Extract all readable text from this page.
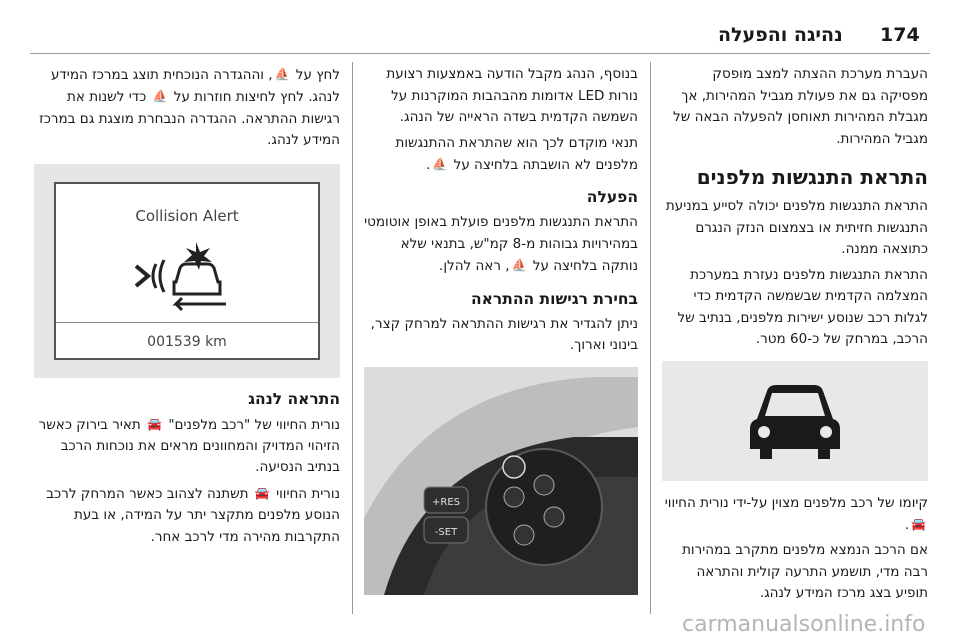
נהיגה והפעלה 174

העברת מערכת ההצתה למצב מופסק מפסיקה גם את פעולת מגביל המהירות, אך מגבלת המהירות תאוחסן להפעלה הבאה של מגביל המהירות.

התראת התנגשות מלפנים

התראת התנגשות מלפנים יכולה לסייע במניעת התנגשות חזיתית או בצמצום הנזק הנגרם כתוצאה ממנה.

התראת התנגשות מלפנים נעזרת במערכת המצלמה הקדמית שבשמשה הקדמית כדי לגלות רכב שנוסע ישירות מלפנים, בנתיב של הרכב, במרחק של כ-60 מטר.

קיומו של רכב מלפנים מצוין על-ידי נורית החיווי 🚘.

אם הרכב הנמצא מלפנים מתקרב במהירות רבה מדי, תושמע התרעה קולית והתראה תופיע בצג מרכז המידע לנהג.

בנוסף, הנהג מקבל הודעה באמצעות רצועת נורות LED אדומות מהבהבות המוקרנות על השמשה הקדמית בשדה הראייה של הנהג.

תנאי מוקדם לכך הוא שהתראת ההתנגשות מלפנים לא הושבתה בלחיצה על ⛵.

הפעלה

התראת התנגשות מלפנים פועלת באופן אוטומטי במהירויות גבוהות מ-8 קמ"ש, בתנאי שלא נותקה בלחיצה על ⛵, ראה להלן.

בחירת רגישות ההתראה

ניתן להגדיר את רגישות ההתראה למרחק קצר, בינוני וארוך.

RES+
SET-

לחץ על ⛵, וההגדרה הנוכחית תוצג במרכז המידע לנהג. לחץ לחיצות חוזרות על ⛵ כדי לשנות את רגישות ההתראה. ההגדרה הנבחרת מוצגת גם במרכז המידע לנהג.

Collision Alert
001539 km
התראה לנהג

נורית החיווי של "רכב מלפנים" 🚘 תאיר בירוק כאשר הזיהוי המדויק והמחוונים מראים את נוכחות הרכב בנתיב הנסיעה.

נורית החיווי 🚘 תשתנה לצהוב כאשר המרחק לרכב הנוסע מלפנים מתקצר יתר על המידה, או בעת התקרבות מהירה מדי לרכב אחר.

carmanualsonline.info
